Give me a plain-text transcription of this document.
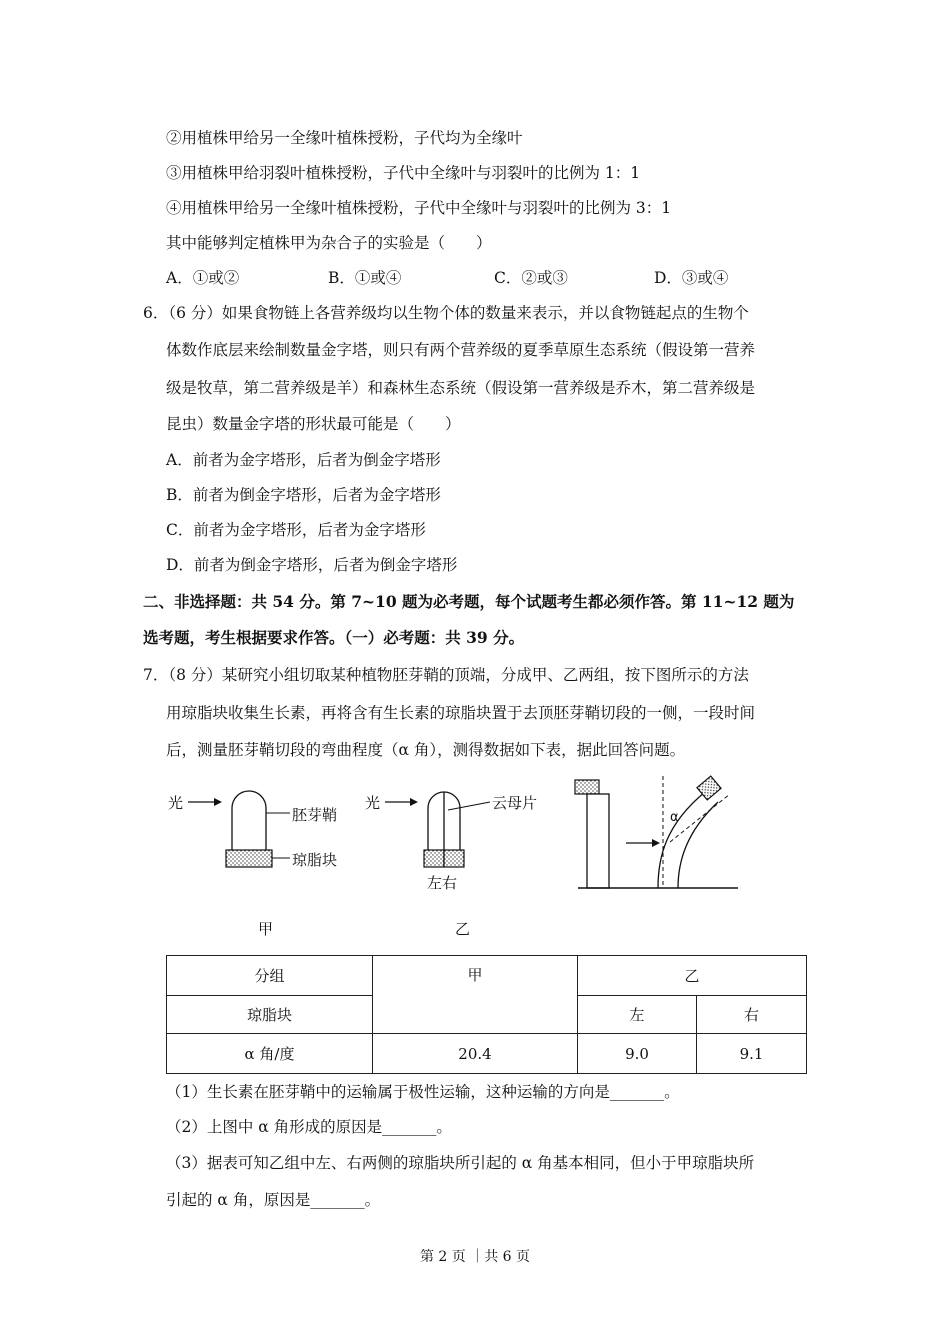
②用植株甲给另一全缘叶植株授粉，子代均为全缘叶
③用植株甲给羽裂叶植株授粉，子代中全缘叶与羽裂叶的比例为 1：1
④用植株甲给另一全缘叶植株授粉，子代中全缘叶与羽裂叶的比例为 3：1
其中能够判定植株甲为杂合子的实验是（　　）
A．①或②	B．①或④	C．②或③	D．③或④
6．（6 分）如果食物链上各营养级均以生物个体的数量来表示，并以食物链起点的生物个
体数作底层来绘制数量金字塔，则只有两个营养级的夏季草原生态系统（假设第一营养
级是牧草，第二营养级是羊）和森林生态系统（假设第一营养级是乔木，第二营养级是
昆虫）数量金字塔的形状最可能是（　　）
A．前者为金字塔形，后者为倒金字塔形
B．前者为倒金字塔形，后者为金字塔形
C．前者为金字塔形，后者为金字塔形
D．前者为倒金字塔形，后者为倒金字塔形
二、非选择题：共 54 分。第 7~10 题为必考题，每个试题考生都必须作答。第 11~12 题为
选考题，考生根据要求作答。（一）必考题：共 39 分。
7．（8 分）某研究小组切取某种植物胚芽鞘的顶端，分成甲、乙两组，按下图所示的方法
用琼脂块收集生长素，再将含有生长素的琼脂块置于去顶胚芽鞘切段的一侧，一段时间
后，测量胚芽鞘切段的弯曲程度（α 角），测得数据如下表，据此回答问题。
光
胚芽鞘
琼脂块
光	云母片
左右
α
甲	乙
分组	甲	乙	
琼脂块		左	右
α 角/度	20.4	9.0	9.1
（1）生长素在胚芽鞘中的运输属于极性运输，这种运输的方向是_______。
（2）上图中 α 角形成的原因是_______。
（3）据表可知乙组中左、右两侧的琼脂块所引起的 α 角基本相同，但小于甲琼脂块所
引起的 α 角，原因是_______。
第 2 页 ｜共 6 页
